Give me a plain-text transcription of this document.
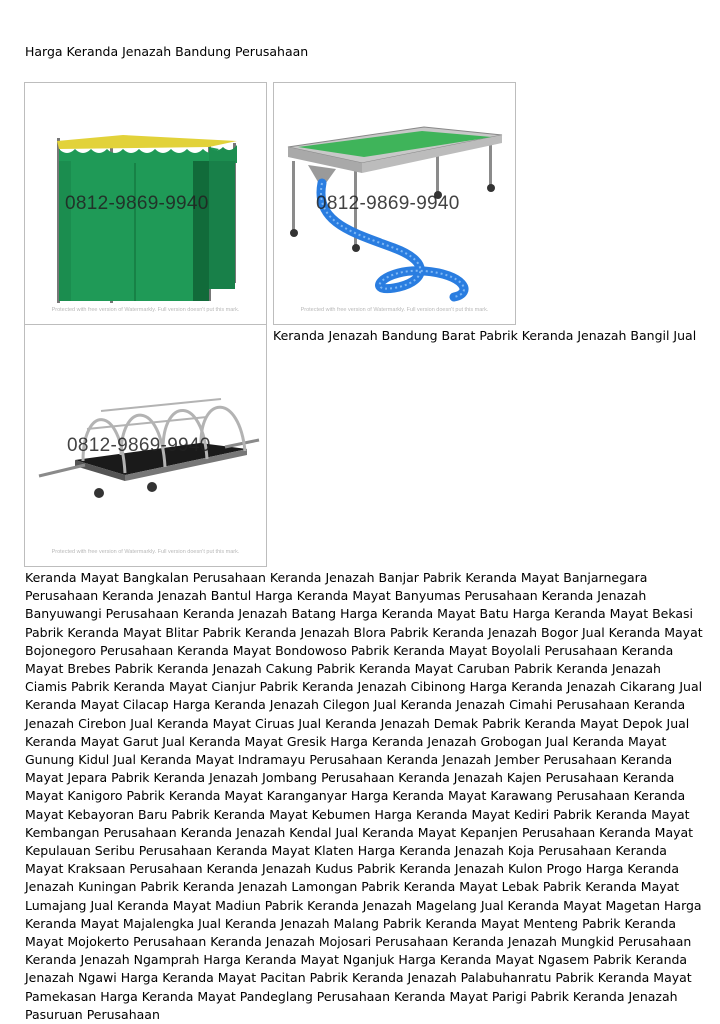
Harga Keranda Jenazah Bandung Perusahaan
0812-9869-9940
Protected with free version of Watermarkly. Full version doesn't put this mark.
0812-9869-9940
Protected with free version of Watermarkly. Full version doesn't put this mark.
Keranda Jenazah Bandung Barat Pabrik Keranda Jenazah Bangil Jual
0812-9869-9940
Protected with free version of Watermarkly. Full version doesn't put this mark.

Keranda Mayat Bangkalan Perusahaan Keranda Jenazah Banjar Pabrik Keranda Mayat Banjarnegara Perusahaan Keranda Jenazah Bantul Harga Keranda Mayat Banyumas Perusahaan Keranda Jenazah Banyuwangi Perusahaan Keranda Jenazah Batang Harga Keranda Mayat Batu Harga Keranda Mayat Bekasi Pabrik Keranda Mayat Blitar Pabrik Keranda Jenazah Blora Pabrik Keranda Jenazah Bogor Jual Keranda Mayat Bojonegoro Perusahaan Keranda Mayat Bondowoso Pabrik Keranda Mayat Boyolali Perusahaan Keranda Mayat Brebes Pabrik Keranda Jenazah Cakung Pabrik Keranda Mayat Caruban Pabrik Keranda Jenazah Ciamis Pabrik Keranda Mayat Cianjur Pabrik Keranda Jenazah Cibinong Harga Keranda Jenazah Cikarang Jual Keranda Mayat Cilacap Harga Keranda Jenazah Cilegon Jual Keranda Jenazah Cimahi Perusahaan Keranda Jenazah Cirebon Jual Keranda Mayat Ciruas Jual Keranda Jenazah Demak Pabrik Keranda Mayat Depok Jual Keranda Mayat Garut Jual Keranda Mayat Gresik Harga Keranda Jenazah Grobogan Jual Keranda Mayat Gunung Kidul Jual Keranda Mayat Indramayu Perusahaan Keranda Jenazah Jember Perusahaan Keranda Mayat Jepara Pabrik Keranda Jenazah Jombang Perusahaan Keranda Jenazah Kajen Perusahaan Keranda Mayat Kanigoro Pabrik Keranda Mayat Karanganyar Harga Keranda Mayat Karawang Perusahaan Keranda Mayat Kebayoran Baru Pabrik Keranda Mayat Kebumen Harga Keranda Mayat Kediri Pabrik Keranda Mayat Kembangan Perusahaan Keranda Jenazah Kendal Jual Keranda Mayat Kepanjen Perusahaan Keranda Mayat Kepulauan Seribu Perusahaan Keranda Mayat Klaten Harga Keranda Jenazah Koja Perusahaan Keranda Mayat Kraksaan Perusahaan Keranda Jenazah Kudus Pabrik Keranda Jenazah Kulon Progo Harga Keranda Jenazah Kuningan Pabrik Keranda Jenazah Lamongan Pabrik Keranda Mayat Lebak Pabrik Keranda Mayat Lumajang Jual Keranda Mayat Madiun Pabrik Keranda Jenazah Magelang Jual Keranda Mayat Magetan Harga Keranda Mayat Majalengka Jual Keranda Jenazah Malang Pabrik Keranda Mayat Menteng Pabrik Keranda Mayat Mojokerto Perusahaan Keranda Jenazah Mojosari Perusahaan Keranda Jenazah Mungkid Perusahaan Keranda Jenazah Ngamprah Harga Keranda Mayat Nganjuk Harga Keranda Mayat Ngasem Pabrik Keranda Jenazah Ngawi Harga Keranda Mayat Pacitan Pabrik Keranda Jenazah Palabuhanratu Pabrik Keranda Mayat Pamekasan Harga Keranda Mayat Pandeglang Perusahaan Keranda Mayat Parigi Pabrik Keranda Jenazah Pasuruan Perusahaan
